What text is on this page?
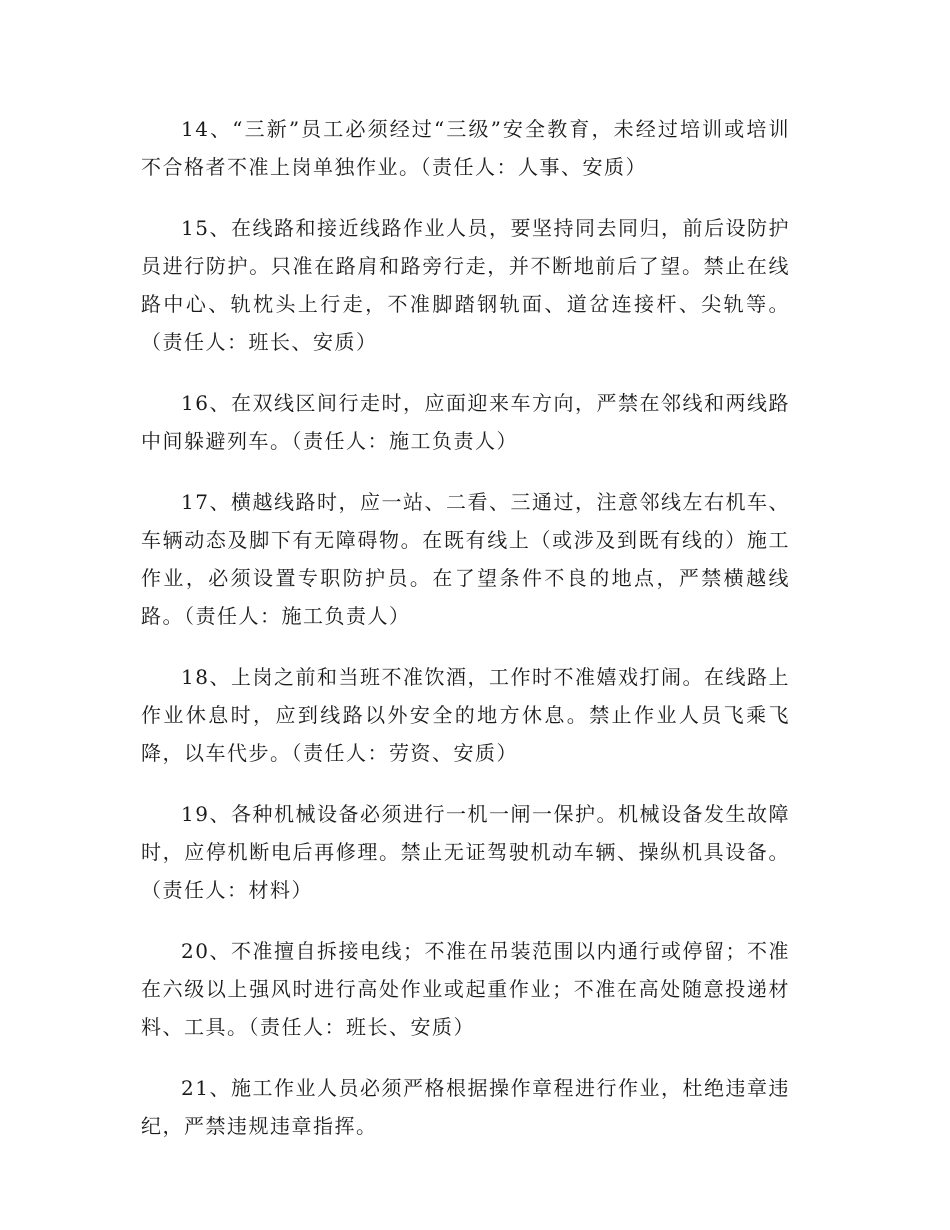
14、“三新”员工必须经过“三级”安全教育，未经过培训或培训不合格者不准上岗单独作业。（责任人：人事、安质）

15、在线路和接近线路作业人员，要坚持同去同归，前后设防护员进行防护。只准在路肩和路旁行走，并不断地前后了望。禁止在线路中心、轨枕头上行走，不准脚踏钢轨面、道岔连接杆、尖轨等。（责任人：班长、安质）

16、在双线区间行走时，应面迎来车方向，严禁在邻线和两线路中间躲避列车。（责任人：施工负责人）

17、横越线路时，应一站、二看、三通过，注意邻线左右机车、车辆动态及脚下有无障碍物。在既有线上（或涉及到既有线的）施工作业，必须设置专职防护员。在了望条件不良的地点，严禁横越线路。（责任人：施工负责人）

18、上岗之前和当班不准饮酒，工作时不准嬉戏打闹。在线路上作业休息时，应到线路以外安全的地方休息。禁止作业人员飞乘飞降，以车代步。（责任人：劳资、安质）

19、各种机械设备必须进行一机一闸一保护。机械设备发生故障时，应停机断电后再修理。禁止无证驾驶机动车辆、操纵机具设备。（责任人：材料）

20、不准擅自拆接电线；不准在吊装范围以内通行或停留；不准在六级以上强风时进行高处作业或起重作业；不准在高处随意投递材料、工具。（责任人：班长、安质）

21、施工作业人员必须严格根据操作章程进行作业，杜绝违章违纪，严禁违规违章指挥。
